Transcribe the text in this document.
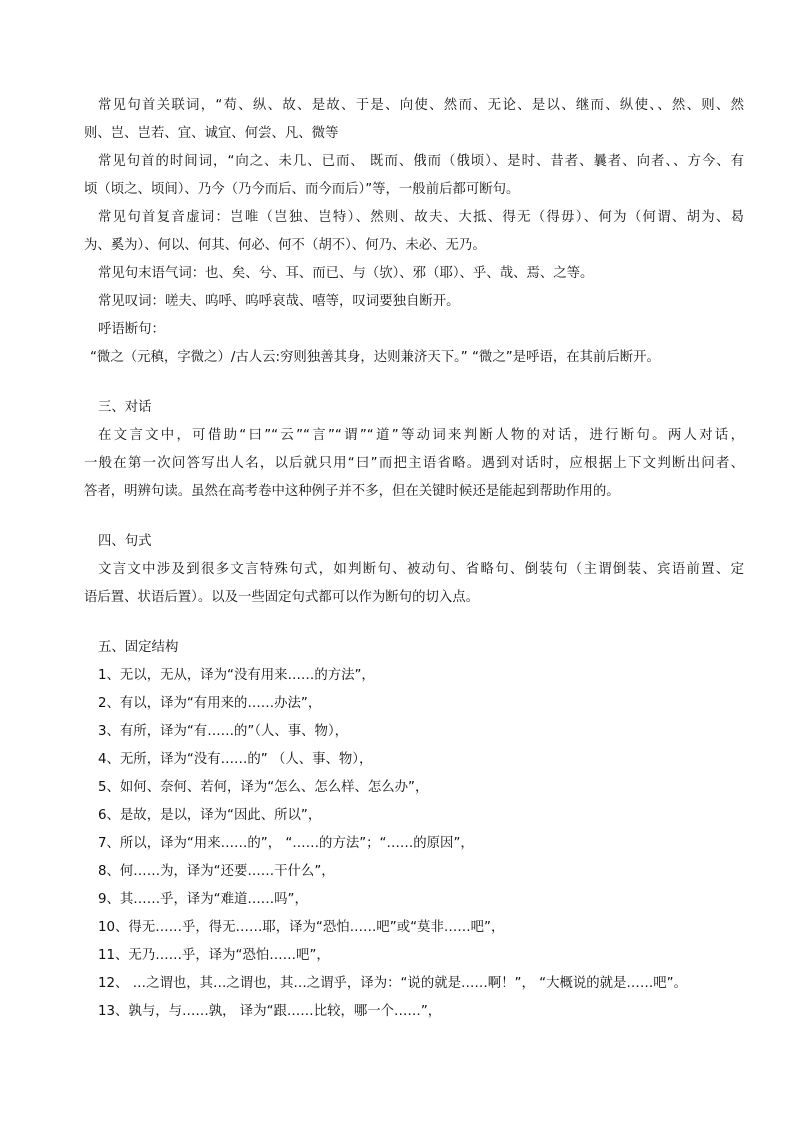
常见句首关联词，“苟、纵、故、是故、于是、向使、然而、无论、是以、继而、纵使、、然、则、然
则、岂、岂若、宜、诚宜、何尝、凡、微等
常见句首的时间词，“向之、未几、已而、 既而、俄而（俄顷）、是时、昔者、曩者、向者、、方今、有
顷（顷之、顷间）、乃今（乃今而后、而今而后）”等，一般前后都可断句。
常见句首复音虚词：岂唯（岂独、岂特）、然则、故夫、大抵、得无（得毋）、何为（何谓、胡为、曷
为、奚为）、何以、何其、何必、何不（胡不）、何乃、未必、无乃。
常见句末语气词：也、矣、兮、耳、而已、与（欤）、邪（耶）、乎、哉、焉、之等。
常见叹词：嗟夫、呜呼、呜呼哀哉、嘻等，叹词要独自断开。
呼语断句：
“微之（元稹，字微之）/古人云:穷则独善其身，达则兼济天下。” “微之”是呼语，在其前后断开。
三、对话
在文言文中，可借助“曰”“云”“言”“谓”“道”等动词来判断人物的对话，进行断句。两人对话，
一般在第一次问答写出人名，以后就只用“曰”而把主语省略。遇到对话时，应根据上下文判断出问者、
答者，明辨句读。虽然在高考卷中这种例子并不多，但在关键时候还是能起到帮助作用的。
四、句式
文言文中涉及到很多文言特殊句式，如判断句、被动句、省略句、倒装句（主谓倒装、宾语前置、定
语后置、状语后置）。以及一些固定句式都可以作为断句的切入点。
五、固定结构
1、无以，无从，译为“没有用来……的方法”，
2、有以，译为“有用来的……办法”，
3、有所，译为“有……的”（人、事、物），
4、无所，译为“没有……的” （人、事、物），
5、如何、奈何、若何，译为“怎么、怎么样、怎么办”，
6、是故，是以，译为“因此、所以”，
7、所以，译为“用来……的”， “……的方法”；“……的原因”，
8、何……为，译为“还要……干什么”，
9、其……乎，译为“难道……吗”，
10、得无……乎，得无……耶，译为“恐怕……吧”或“莫非……吧”，
11、无乃……乎，译为“恐怕……吧”，
12、 …之谓也，其…之谓也，其…之谓乎，译为：“说的就是……啊！”， “大概说的就是……吧”。
13、孰与，与……孰， 译为“跟……比较，哪一个……”，
